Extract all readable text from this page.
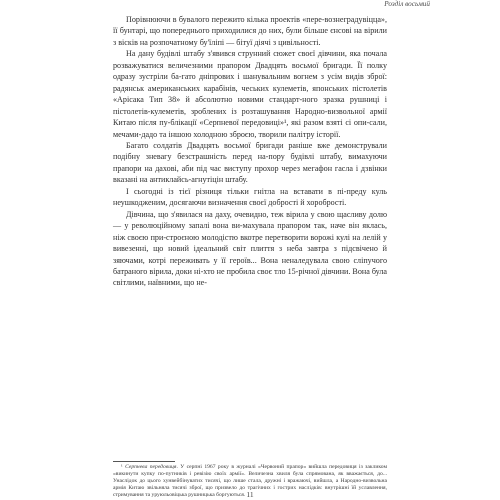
Розділ восьмий

Порівнюючи в бувалого пережито кілька проектів «пере-вознеградувіцца», її бунтарі, що попереднього приходилися до них, були більше єнсові на вірили з вісків на розпочатному бу'їліпі — бітуї діячі з цивільності.

На дану будівлі штабу з'явився струнний сюжет своєї дівчини, яка почала розважуватися величезними прапором Двадцять восьмої бригади. Її полку одразу зустріли ба-гато дніпрових і шанувальним вогнем з усім видів зброї: радянськ американських карабінів, чеських кулеметів, японських пістолетів «Арісака Тип 38» й абсолютно новими стандарт-ного зразка рушниці і пістолетів-кулеметів, зроблених із розташування Народно-визвольної армії Китаю після пу-блікації «Серпневої передовиці»¹, які разом взяті сі опи-сали, мечами-дадо та іншою холодною зброєю, творили палітру історії.

Багато солдатів Двадцять восьмої бригади раніше вже демонстрували подібну зневагу безстрашність перед на-пору будівлі штабу, вимахуючи прапори на дахові, аби під час виступу прохор через мегафон гасла і дзвінки вказані на антиклайсь-агнутіцін штабу.

І сьогодні із тієї різниця тільки гнітла на вставати в пі-преду куль неушкодженим, досягаючи визначення своєї добрості й хоробрості.

Дівчина, що з'явилася на даху, очевидно, теж вірила у свою щасливу долю — у революційному запалі вона ви-махувала прапором так, наче він яклась, ніж своєю при-строєною молодістю вкотре перетворити ворожі кулі на лелій у вивезенні, що новий ідеальний світ плиття з неба завтра з підсвічено й зяючами, котрі переживать у її героїв... Вона неналедувала свою сліпучого батраного вірила, доки ні-хто не пробила своє тло 15-річної дівчини. Вона була світлими, наївними, що не-

¹ Серпнева передовиця. У серпні 1967 року в журналі «Червоний прапор» вийшла передовиця із закликом «викинути купку по-путників і ревізію своїх армії». Величезна хвиля була спрямована, як вважається, до... Унаслідок до цього хунвейбінуватих тисячі, що лише стала, дружні і вражаючі, вийшла, а Народно-визвольна армія Китаю звільняла тисячі зброї, що призвело до трагічних і гострих наслідків: внутрішні їй уславлення, стримування та уруюльовіцька рушницька боргуються. 11
